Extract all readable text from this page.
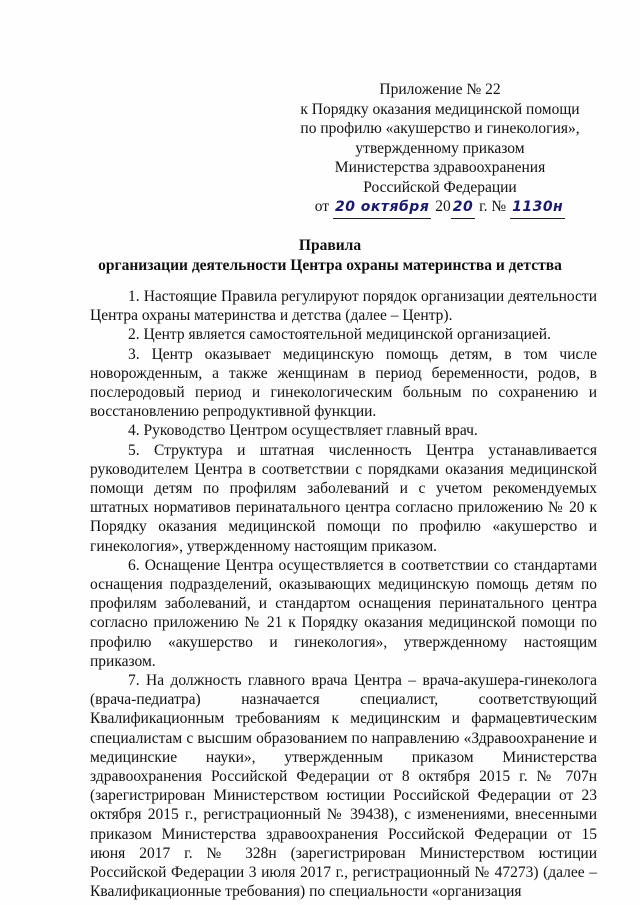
Приложение № 22
к Порядку оказания медицинской помощи
по профилю «акушерство и гинекология»,
утвержденному приказом
Министерства здравоохранения
Российской Федерации
от 20 октября 20 20 г. № 1130н
Правила
организации деятельности Центра охраны материнства и детства

1. Настоящие Правила регулируют порядок организации деятельности Центра охраны материнства и детства (далее – Центр).

2. Центр является самостоятельной медицинской организацией.

3. Центр оказывает медицинскую помощь детям, в том числе новорожденным, а также женщинам в период беременности, родов, в послеродовый период и гинекологическим больным по сохранению и восстановлению репродуктивной функции.

4. Руководство Центром осуществляет главный врач.

5. Структура и штатная численность Центра устанавливается руководителем Центра в соответствии с порядками оказания медицинской помощи детям по профилям заболеваний и с учетом рекомендуемых штатных нормативов перинатального центра согласно приложению № 20 к Порядку оказания медицинской помощи по профилю «акушерство и гинекология», утвержденному настоящим приказом.

6. Оснащение Центра осуществляется в соответствии со стандартами оснащения подразделений, оказывающих медицинскую помощь детям по профилям заболеваний, и стандартом оснащения перинатального центра согласно приложению № 21 к Порядку оказания медицинской помощи по профилю «акушерство и гинекология», утвержденному настоящим приказом.

7. На должность главного врача Центра – врача-акушера-гинеколога (врача-педиатра) назначается специалист, соответствующий Квалификационным требованиям к медицинским и фармацевтическим специалистам с высшим образованием по направлению «Здравоохранение и медицинские науки», утвержденным приказом Министерства здравоохранения Российской Федерации от 8 октября 2015 г. № 707н (зарегистрирован Министерством юстиции Российской Федерации от 23 октября 2015 г., регистрационный № 39438), с изменениями, внесенными приказом Министерства здравоохранения Российской Федерации от 15 июня 2017 г. № 328н (зарегистрирован Министерством юстиции Российской Федерации 3 июля 2017 г., регистрационный № 47273) (далее – Квалификационные требования) по специальности «организация
